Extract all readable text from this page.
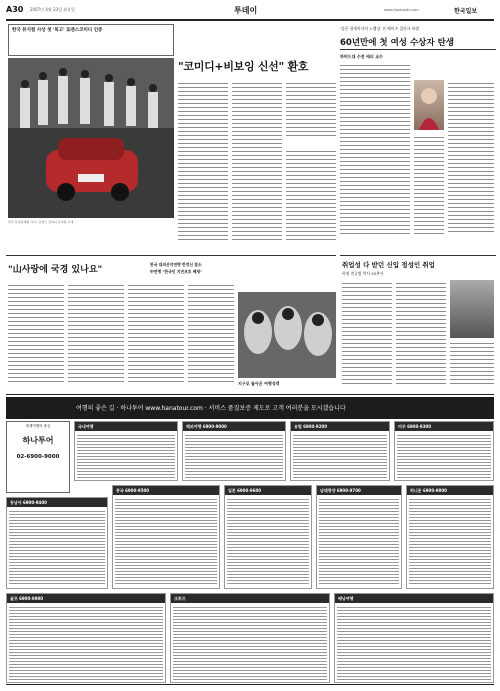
A30 2007년 4월 23일 월요일	투데이	www.hankooki.com	한국일보
한국 뮤지컬계의 '복고' 로맨스 코미디 뮤지컬 무대
한국 뮤지컬 사상 첫 '복고' 로맨스코미디 인증
"코미디+비보잉 신선" 환호
'물은 경제학자의 노벨상' 론 베이츠 클라크 특별
60년만에 첫 여성 수상자 탄생
하버드대 수전 애티 교수
"山사랑에 국경 있나요"
한국 대외산악연맹 반정신 참소
中연맹 "한국인 지연보호 배재"
지구로 돌아온 여행성객
취업성 다 받던 신입 정성인 취업
학점 전공별 박사 25추가
여행의 좋은 길 · 하나투어 www.hanatour.com · 서비스 품질보증 제도로 고객 여러분을 모시겠습니다
세계여행의 중심
하나투어
02-6900-9000
국내여행	해외여행 6900-9000	유럽 6900-9200	미주 6900-9300
동남아 6900-9400
중국 6900-9500	일본 6900-9600	남태평양 6900-9700	허니문 6900-9800
골프 6900-9900	크루즈	배낭여행
